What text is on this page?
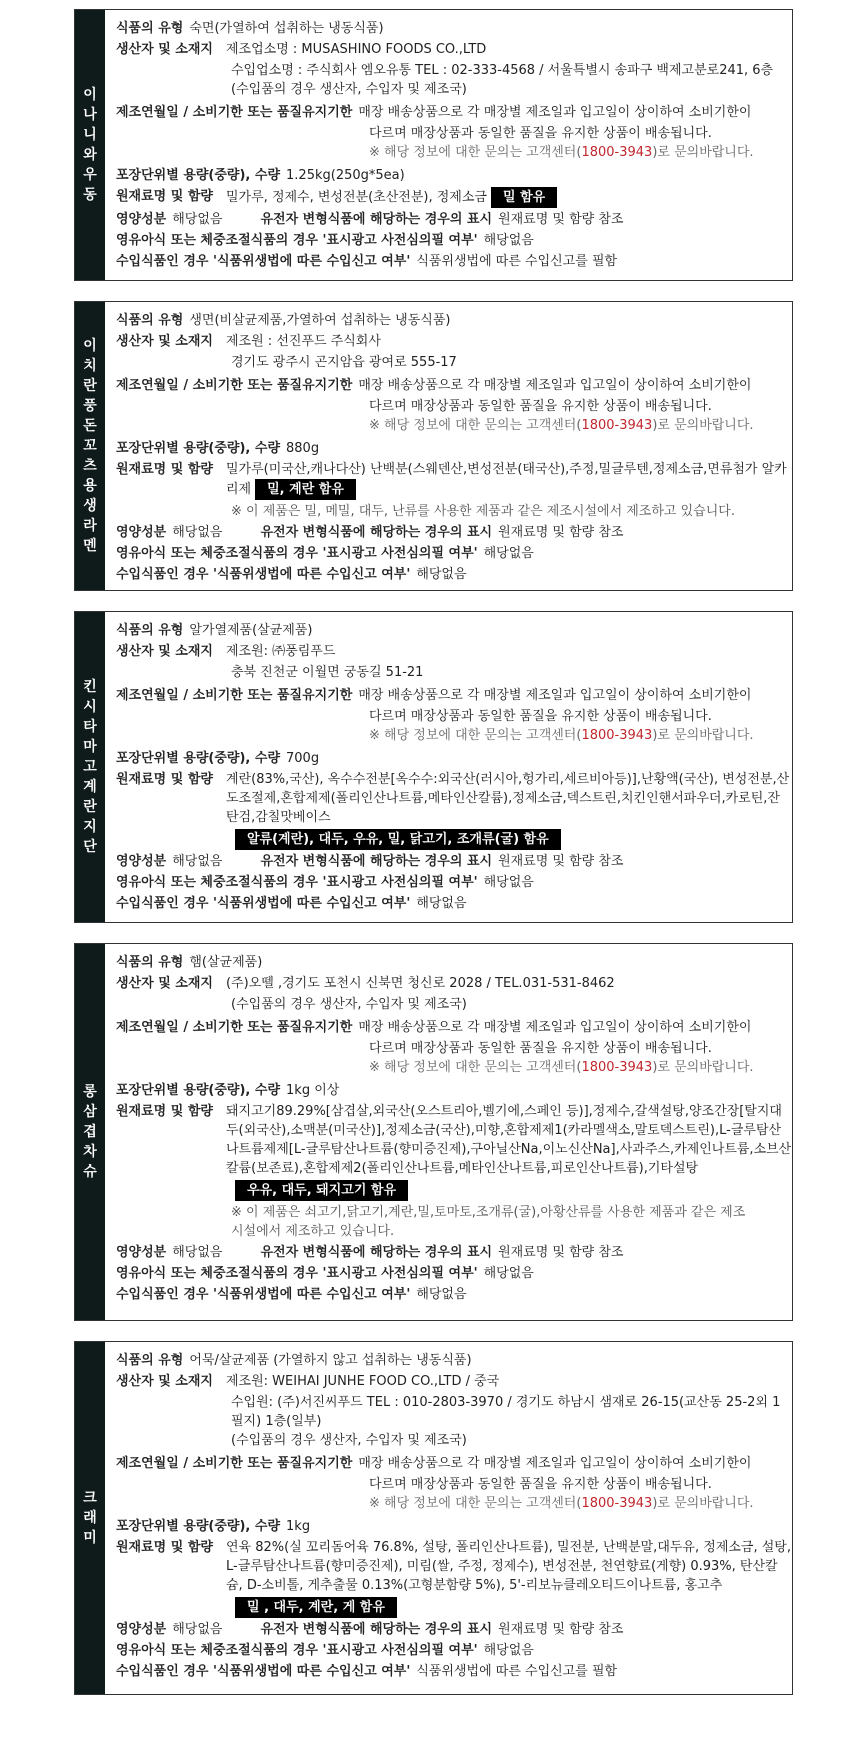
이나니와우동
식품의 유형 숙면(가열하여 섭취하는 냉동식품)
생산자 및 소재지	제조업소명 : MUSASHINO FOODS CO.,LTD
수입업소명 : 주식회사 엠오유통 TEL : 02-333-4568 / 서울특별시 송파구 백제고분로241, 6층
(수입품의 경우 생산자, 수입자 및 제조국)
제조연월일 / 소비기한 또는 품질유지기한 매장 배송상품으로 각 매장별 제조일과 입고일이 상이하여 소비기한이
다르며 매장상품과 동일한 품질을 유지한 상품이 배송됩니다.
※ 해당 정보에 대한 문의는 고객센터(1800-3943)로 문의바랍니다.
포장단위별 용량(중량), 수량 1.25kg(250g*5ea)
원재료명 및 함량	밀가루, 정제수, 변성전분(초산전분), 정제소금 밀 함유
영양성분 해당없음	유전자 변형식품에 해당하는 경우의 표시 원재료명 및 함량 참조
영유아식 또는 체중조절식품의 경우 '표시광고 사전심의필 여부' 해당없음
수입식품인 경우 '식품위생법에 따른 수입신고 여부' 식품위생법에 따른 수입신고를 필함
이치란풍 돈꼬츠용 생라멘
식품의 유형 생면(비살균제품,가열하여 섭취하는 냉동식품)
생산자 및 소재지	제조원 : 선진푸드 주식회사
경기도 광주시 곤지암읍 광여로 555-17
제조연월일 / 소비기한 또는 품질유지기한 매장 배송상품으로 각 매장별 제조일과 입고일이 상이하여 소비기한이
다르며 매장상품과 동일한 품질을 유지한 상품이 배송됩니다.
※ 해당 정보에 대한 문의는 고객센터(1800-3943)로 문의바랍니다.
포장단위별 용량(중량), 수량 880g
원재료명 및 함량	밀가루(미국산,캐나다산) 난백분(스웨덴산,변성전분(태국산),주정,밀글루텐,정제소금,면류첨가 알카리제 밀, 계란 함유
※ 이 제품은 밀, 메밀, 대두, 난류를 사용한 제품과 같은 제조시설에서 제조하고 있습니다.
영양성분 해당없음	유전자 변형식품에 해당하는 경우의 표시 원재료명 및 함량 참조
영유아식 또는 체중조절식품의 경우 '표시광고 사전심의필 여부' 해당없음
수입식품인 경우 '식품위생법에 따른 수입신고 여부' 해당없음
킨시타마고 계란지단
식품의 유형 알가열제품(살균제품)
생산자 및 소재지	제조원: ㈜풍림푸드
충북 진천군 이월면 궁동길 51-21
제조연월일 / 소비기한 또는 품질유지기한 매장 배송상품으로 각 매장별 제조일과 입고일이 상이하여 소비기한이
다르며 매장상품과 동일한 품질을 유지한 상품이 배송됩니다.
※ 해당 정보에 대한 문의는 고객센터(1800-3943)로 문의바랍니다.
포장단위별 용량(중량), 수량 700g
원재료명 및 함량	계란(83%,국산), 옥수수전분[옥수수:외국산(러시아,헝가리,세르비아등)],난황액(국산), 변성전분,산도조절제,혼합제제(폴리인산나트륨,메타인산칼륨),정제소금,덱스트린,치킨인핸서파우더,카로틴,잔탄검,감칠맛베이스
알류(계란), 대두, 우유, 밀, 닭고기, 조개류(굴) 함유
영양성분 해당없음	유전자 변형식품에 해당하는 경우의 표시 원재료명 및 함량 참조
영유아식 또는 체중조절식품의 경우 '표시광고 사전심의필 여부' 해당없음
수입식품인 경우 '식품위생법에 따른 수입신고 여부' 해당없음
롱삼겹차슈
식품의 유형 햄(살균제품)
생산자 및 소재지	(주)오뗄 ,경기도 포천시 신북면 청신로 2028 / TEL.031-531-8462
(수입품의 경우 생산자, 수입자 및 제조국)
제조연월일 / 소비기한 또는 품질유지기한 매장 배송상품으로 각 매장별 제조일과 입고일이 상이하여 소비기한이
다르며 매장상품과 동일한 품질을 유지한 상품이 배송됩니다.
※ 해당 정보에 대한 문의는 고객센터(1800-3943)로 문의바랍니다.
포장단위별 용량(중량), 수량 1kg 이상
원재료명 및 함량	돼지고기89.29%[삼겹살,외국산(오스트리아,벨기에,스페인 등)],정제수,갈색설탕,양조간장[탈지대두(외국산),소맥분(미국산)],정제소금(국산),미향,혼합제제1(카라멜색소,말토덱스트린),L-글루탐산나트륨제제[L-글루탐산나트륨(향미증진제),구아닐산Na,이노신산Na],사과주스,카제인나트륨,소브산칼륨(보존료),혼합제제2(폴리인산나트륨,메타인산나트륨,피로인산나트륨),기타설탕
우유, 대두, 돼지고기 함유
※ 이 제품은 쇠고기,닭고기,계란,밀,토마토,조개류(굴),아황산류를 사용한 제품과 같은 제조시설에서 제조하고 있습니다.
영양성분 해당없음	유전자 변형식품에 해당하는 경우의 표시 원재료명 및 함량 참조
영유아식 또는 체중조절식품의 경우 '표시광고 사전심의필 여부' 해당없음
수입식품인 경우 '식품위생법에 따른 수입신고 여부' 해당없음
크래미
식품의 유형 어묵/살균제품 (가열하지 않고 섭취하는 냉동식품)
생산자 및 소재지	제조원: WEIHAI JUNHE FOOD CO.,LTD / 중국
수입원: (주)서진씨푸드 TEL : 010-2803-3970 / 경기도 하남시 샘재로 26-15(교산동 25-2외 1필지) 1층(일부)
(수입품의 경우 생산자, 수입자 및 제조국)
제조연월일 / 소비기한 또는 품질유지기한 매장 배송상품으로 각 매장별 제조일과 입고일이 상이하여 소비기한이
다르며 매장상품과 동일한 품질을 유지한 상품이 배송됩니다.
※ 해당 정보에 대한 문의는 고객센터(1800-3943)로 문의바랍니다.
포장단위별 용량(중량), 수량 1kg
원재료명 및 함량	연육 82%(실 꼬리돔어육 76.8%, 설탕, 폴리인산나트륨), 밀전분, 난백분말,대두유, 정제소금, 설탕, L-글루탐산나트륨(향미증진제), 미림(쌀, 주정, 정제수), 변성전분, 천연향료(게향) 0.93%, 탄산칼슘, D-소비톨, 게추출물 0.13%(고형분함량 5%), 5'-리보뉴클레오티드이나트륨, 홍고추
밀 , 대두, 계란, 게 함유
영양성분 해당없음	유전자 변형식품에 해당하는 경우의 표시 원재료명 및 함량 참조
영유아식 또는 체중조절식품의 경우 '표시광고 사전심의필 여부' 해당없음
수입식품인 경우 '식품위생법에 따른 수입신고 여부' 식품위생법에 따른 수입신고를 필함
